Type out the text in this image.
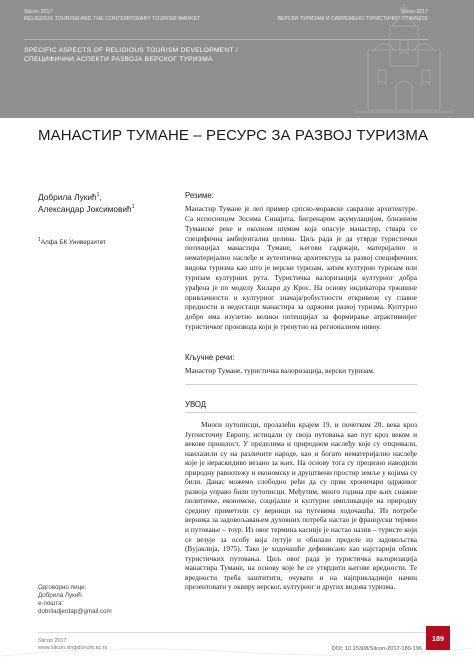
Sitcon 2017
RELIGIOUS TOURISM AND THE CONTEMPORARY TOURISM MARKET
Sitcon 2017
ВЕРСКИ ТУРИЗАМ И САВРЕМЕНО ТУРИСТИЧКО ТРЖИШТЕ
SPECIFIC ASPECTS OF RELIGIOUS TOURISM DEVELOPMENT /
СПЕЦИФИЧНИ АСПЕКТИ РАЗВОЈА ВЕРСКОГ ТУРИЗМА
МАНАСТИР ТУМАНЕ – РЕСУРС ЗА РАЗВОЈ ТУРИЗМА
Добрила Лукић$^1$,
Александар Јоксимовић$^1$
$^1$Алфа БК Универзитет
Резиме:

Манастир Тумане је леп пример српско-моравске сакралне архитектуре. Са испосницом Зосима Синајита, бигренаром акумулацијом, близином Туманске реке и околном шумом која опасује манастир, ствара се специфична амбијентална целина. Циљ рада је да утврде туристички потенцијал манастира Тумане, његови садржаји, материјално и нематеријално наслеђе и аутентична архитектура за развој специфичних видова туризма као што је верски туризам, затим културни туризам или туризам културних рута. Туристичка валоризација културног добра урађена је по моделу Хилари ду Крос. На основу индикатора тржишне привлачности и културног значаја/робустности откривене су главне предности и недостаци манастира за одрживи развој туризма. Културно добро има изузетно велики потенцијал за формирање атрактивнијег туристичког производа који је тренутно на регионалном нивоу.

Кључне речи:
Манастир Тумане, туристичка валоризација, верски туризам.
УВОД

Многи путописци, пролазећи крајем 19. и почетком 20. века кроз Југоисточну Европу, истицали су своја путовања као пут кроз веком и векове прошлост. У пределима и природном наслеђу које су откривали, наилазили су на различите народе, као и богато нематеријално наслеђе које је нераскидиво везано за њих. На основу тога су прецизно наводили природну равнотежу и економску и друштвени простор земље у којима су били. Данас можемо слободно рећи да су први хроничари одрживог развоја управо били путописци. Међутим, много година пре њих снажне политичке, економске, социјалне и културне импликације на природну средину приметили су верници на путевима ходочашћа. Из потребе верника за задовољавањем духовних потреба настао је француски термин и путовање – тоур. Из овог термина касније је настао назив – туристе који се везује за особу која путује и обилази пределе из задовољства (Вујаклија, 1975). Тако је ходочашће дефинисано као најстарији облик туристичких путовања. Циљ овог рада је туристичка валоризација манастира Тумане, на основу које ће се утврдити његове вредности. Те вредности треба заштитити, очувати и на најприкладнији начин презентовати у оквиру верског, културног и других видова туризма.

Одговорно лице:
Добрила Лукић
е-пошта:
dobriladjerdap@gmail.com
Sitcon 2017
www.sitcon.singidunum.ac.rs	DOI: 10.15308/Sitcon-2017-189-196
189
